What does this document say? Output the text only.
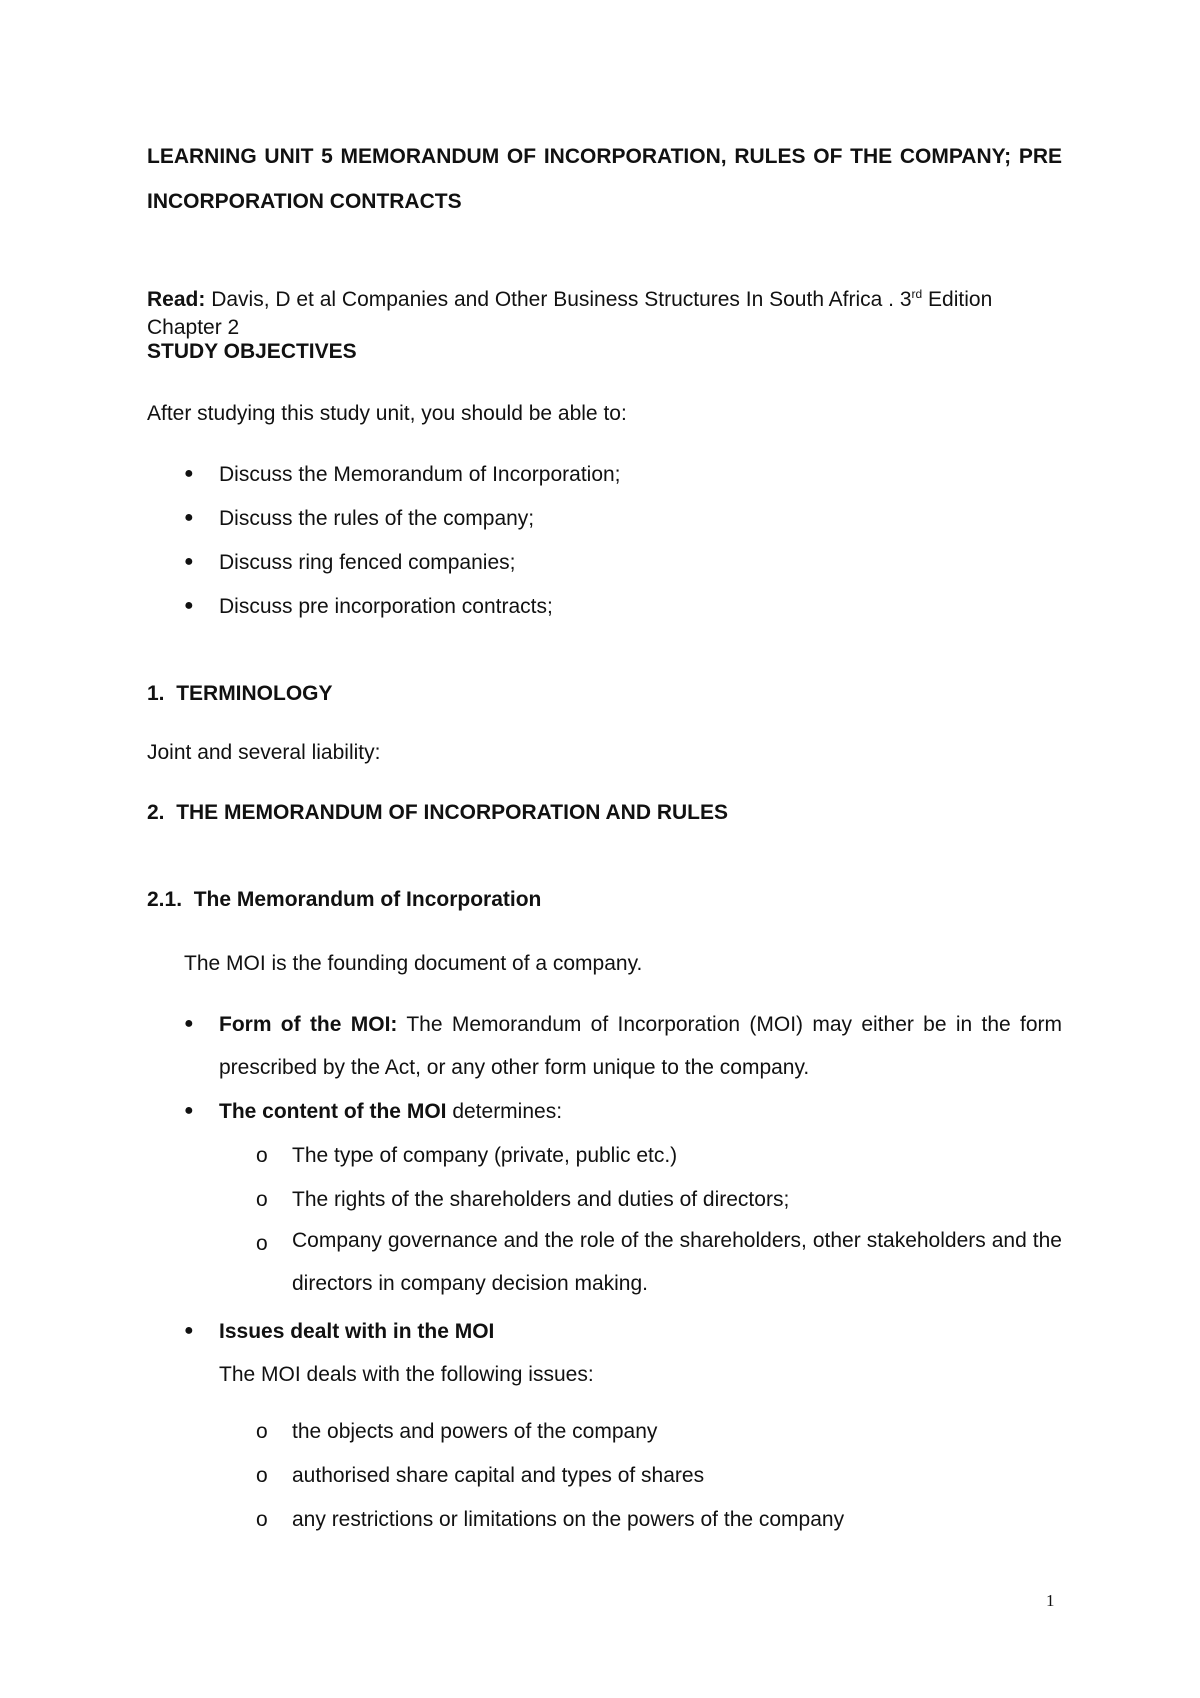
LEARNING UNIT 5 MEMORANDUM OF INCORPORATION, RULES OF THE COMPANY; PRE INCORPORATION CONTRACTS

Read: Davis, D et al Companies and Other Business Structures In South Africa . 3rd Edition Chapter 2

STUDY OBJECTIVES

After studying this study unit, you should be able to:

● Discuss the Memorandum of Incorporation;

● Discuss the rules of the company;

● Discuss ring fenced companies;

● Discuss pre incorporation contracts;

1. TERMINOLOGY

Joint and several liability:

2. THE MEMORANDUM OF INCORPORATION AND RULES

2.1. The Memorandum of Incorporation

The MOI is the founding document of a company.

● Form of the MOI: The Memorandum of Incorporation (MOI) may either be in the form prescribed by the Act, or any other form unique to the company.

● The content of the MOI determines:

o	The type of company (private, public etc.)

o	The rights of the shareholders and duties of directors;

o	Company governance and the role of the shareholders, other stakeholders and the directors in company decision making.

● Issues dealt with in the MOI

The MOI deals with the following issues:

o	the objects and powers of the company

o	authorised share capital and types of shares

o	any restrictions or limitations on the powers of the company

1
